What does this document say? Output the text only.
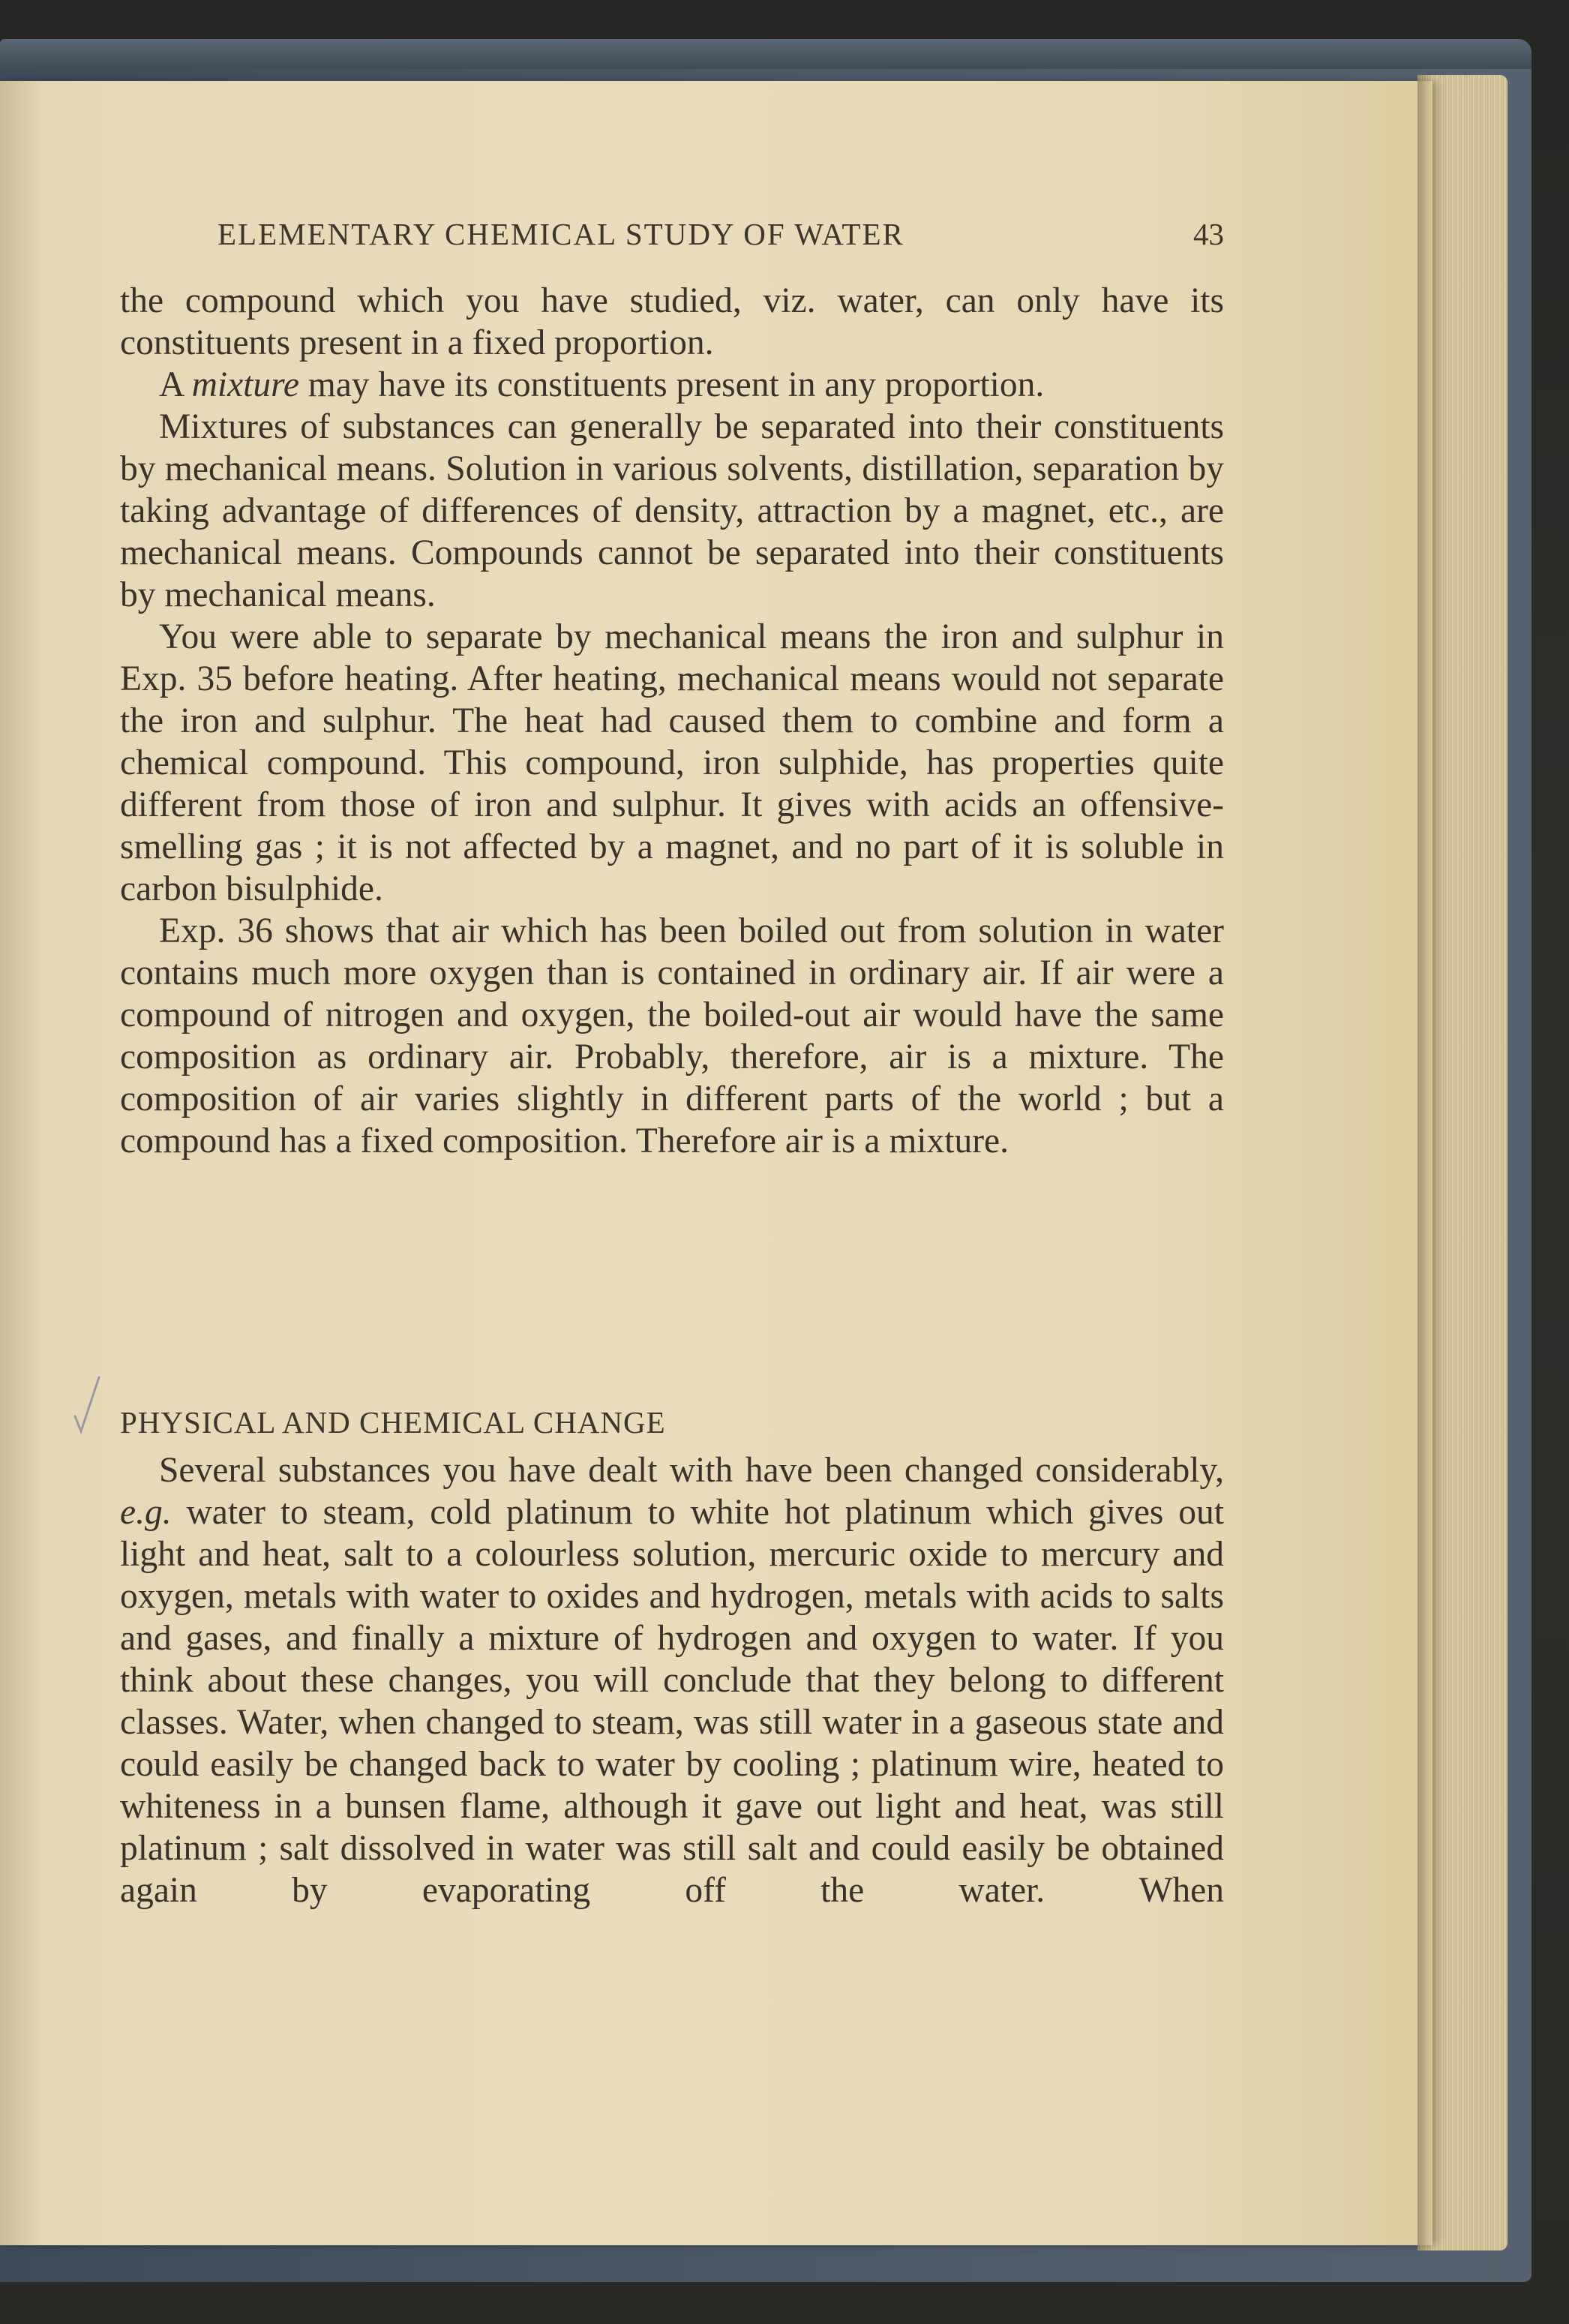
ELEMENTARY CHEMICAL STUDY OF WATER	43

the compound which you have studied, viz. water, can only have its constituents present in a fixed proportion.

A mixture may have its constituents present in any proportion.

Mixtures of substances can generally be separated into their constituents by mechanical means. Solution in various solvents, distillation, separation by taking advantage of differences of density, attraction by a magnet, etc., are mechanical means. Compounds cannot be separated into their constituents by mechanical means.

You were able to separate by mechanical means the iron and sulphur in Exp. 35 before heating. After heating, mechanical means would not separate the iron and sulphur. The heat had caused them to combine and form a chemical compound. This compound, iron sulphide, has properties quite different from those of iron and sulphur. It gives with acids an offensive-smelling gas ; it is not affected by a magnet, and no part of it is soluble in carbon bisulphide.

Exp. 36 shows that air which has been boiled out from solution in water contains much more oxygen than is contained in ordinary air. If air were a compound of nitrogen and oxygen, the boiled-out air would have the same composition as ordinary air. Probably, therefore, air is a mixture. The composition of air varies slightly in different parts of the world ; but a compound has a fixed composition. Therefore air is a mixture.

PHYSICAL AND CHEMICAL CHANGE

Several substances you have dealt with have been changed considerably, e.g. water to steam, cold platinum to white hot platinum which gives out light and heat, salt to a colourless solution, mercuric oxide to mercury and oxygen, metals with water to oxides and hydrogen, metals with acids to salts and gases, and finally a mixture of hydrogen and oxygen to water. If you think about these changes, you will conclude that they belong to different classes. Water, when changed to steam, was still water in a gaseous state and could easily be changed back to water by cooling ; platinum wire, heated to whiteness in a bunsen flame, although it gave out light and heat, was still platinum ; salt dissolved in water was still salt and could easily be obtained again by evaporating off the water. When
